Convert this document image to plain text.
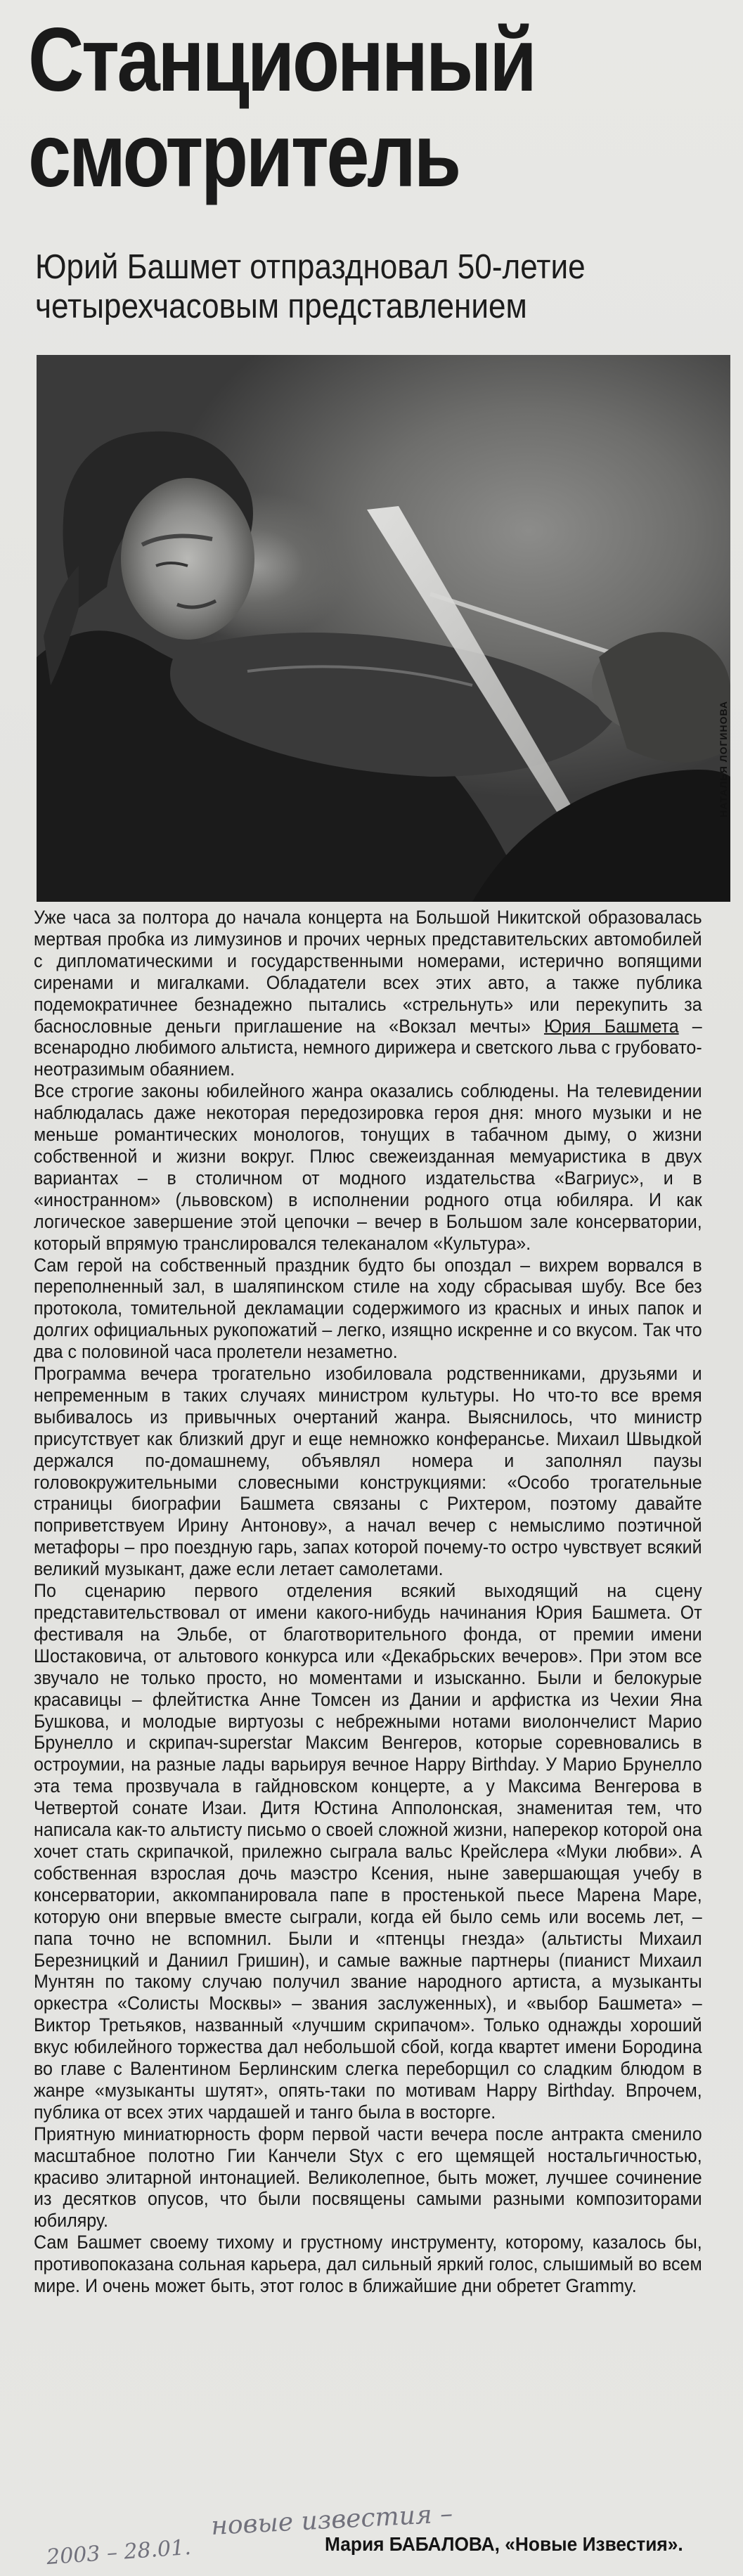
Станционный
смотритель
Юрий Башмет отпраздновал 50-летие четырехчасовым представлением
НАТАЛЬЯ ЛОГИНОВА

Уже часа за полтора до начала концерта на Большой Никитской образовалась мертвая пробка из лимузинов и прочих черных представительских автомобилей с дипломатическими и государственными номерами, истерично вопящими сиренами и мигалками. Обладатели всех этих авто, а также публика подемократичнее безнадежно пытались «стрельнуть» или перекупить за баснословные деньги приглашение на «Вокзал мечты» Юрия Башмета – всенародно любимого альтиста, немного дирижера и светского льва с грубовато-неотразимым обаянием.

Все строгие законы юбилейного жанра оказались соблюдены. На телевидении наблюдалась даже некоторая передозировка героя дня: много музыки и не меньше романтических монологов, тонущих в табачном дыму, о жизни собственной и жизни вокруг. Плюс свежеизданная мемуаристика в двух вариантах – в столичном от модного издательства «Вагриус», и в «иностранном» (львовском) в исполнении родного отца юбиляра. И как логическое завершение этой цепочки – вечер в Большом зале консерватории, который впрямую транслировался телеканалом «Культура».

Сам герой на собственный праздник будто бы опоздал – вихрем ворвался в переполненный зал, в шаляпинском стиле на ходу сбрасывая шубу. Все без протокола, томительной декламации содержимого из красных и иных папок и долгих официальных рукопожатий – легко, изящно искренне и со вкусом. Так что два с половиной часа пролетели незаметно.

Программа вечера трогательно изобиловала родственниками, друзьями и непременным в таких случаях министром культуры. Но что-то все время выбивалось из привычных очертаний жанра. Выяснилось, что министр присутствует как близкий друг и еще немножко конферансье. Михаил Швыдкой держался по-домашнему, объявлял номера и заполнял паузы головокружительными словесными конструкциями: «Особо трогательные страницы биографии Башмета связаны с Рихтером, поэтому давайте поприветствуем Ирину Антонову», а начал вечер с немыслимо поэтичной метафоры – про поездную гарь, запах которой почему-то остро чувствует всякий великий музыкант, даже если летает самолетами.

По сценарию первого отделения всякий выходящий на сцену представительствовал от имени какого-нибудь начинания Юрия Башмета. От фестиваля на Эльбе, от благотворительного фонда, от премии имени Шостаковича, от альтового конкурса или «Декабрьских вечеров». При этом все звучало не только просто, но моментами и изысканно. Были и белокурые красавицы – флейтистка Анне Томсен из Дании и арфистка из Чехии Яна Бушкова, и молодые виртуозы с небрежными нотами виолончелист Марио Брунелло и скрипач-superstar Максим Венгеров, которые соревновались в остроумии, на разные лады варьируя вечное Happy Birthday. У Марио Брунелло эта тема прозвучала в гайдновском концерте, а у Максима Венгерова в Четвертой сонате Изаи. Дитя Юстина Апполонская, знаменитая тем, что написала как-то альтисту письмо о своей сложной жизни, наперекор которой она хочет стать скрипачкой, прилежно сыграла вальс Крейслера «Муки любви». А собственная взрослая дочь маэстро Ксения, ныне завершающая учебу в консерватории, аккомпанировала папе в простенькой пьесе Марена Маре, которую они впервые вместе сыграли, когда ей было семь или восемь лет, – папа точно не вспомнил. Были и «птенцы гнезда» (альтисты Михаил Березницкий и Даниил Гришин), и самые важные партнеры (пианист Михаил Мунтян по такому случаю получил звание народного артиста, а музыканты оркестра «Солисты Москвы» – звания заслуженных), и «выбор Башмета» – Виктор Третьяков, названный «лучшим скрипачом». Только однажды хороший вкус юбилейного торжества дал небольшой сбой, когда квартет имени Бородина во главе с Валентином Берлинским слегка переборщил со сладким блюдом в жанре «музыканты шутят», опять-таки по мотивам Happy Birthday. Впрочем, публика от всех этих чардашей и танго была в восторге.

Приятную миниатюрность форм первой части вечера после антракта сменило масштабное полотно Гии Канчели Styx с его щемящей ностальгичностью, красиво элитарной интонацией. Великолепное, быть может, лучшее сочинение из десятков опусов, что были посвящены самыми разными композиторами юбиляру.

Сам Башмет своему тихому и грустному инструменту, которому, казалось бы, противопоказана сольная карьера, дал сильный яркий голос, слышимый во всем мире. И очень может быть, этот голос в ближайшие дни обретет Grammy.

новые известия –
2003 – 28.01.	Мария БАБАЛОВА, «Новые Известия».
